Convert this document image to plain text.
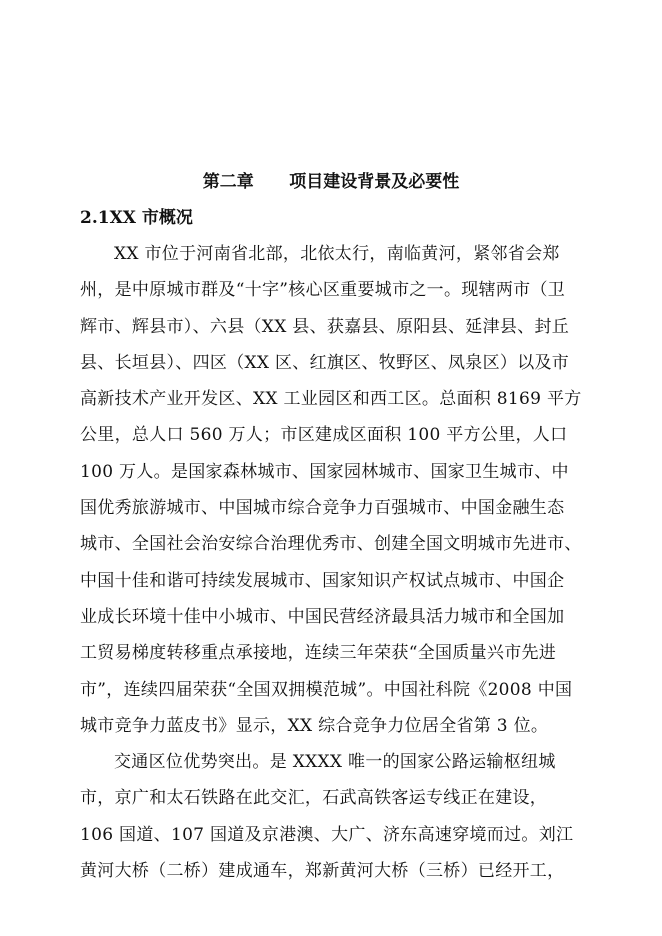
第二章      项目建设背景及必要性
2.1XX 市概况
XX 市位于河南省北部，北依太行，南临黄河，紧邻省会郑
州，是中原城市群及“十字”核心区重要城市之一。现辖两市（卫
辉市、辉县市）、六县（XX 县、获嘉县、原阳县、延津县、封丘
县、长垣县）、四区（XX 区、红旗区、牧野区、凤泉区）以及市
高新技术产业开发区、XX 工业园区和西工区。总面积 8169 平方
公里，总人口 560 万人；市区建成区面积 100 平方公里，人口
100 万人。是国家森林城市、国家园林城市、国家卫生城市、中
国优秀旅游城市、中国城市综合竞争力百强城市、中国金融生态
城市、全国社会治安综合治理优秀市、创建全国文明城市先进市、
中国十佳和谐可持续发展城市、国家知识产权试点城市、中国企
业成长环境十佳中小城市、中国民营经济最具活力城市和全国加
工贸易梯度转移重点承接地，连续三年荣获“全国质量兴市先进
市”，连续四届荣获“全国双拥模范城”。中国社科院《2008 中国
城市竞争力蓝皮书》显示，XX 综合竞争力位居全省第 3 位。
交通区位优势突出。是 XXXX 唯一的国家公路运输枢纽城
市，京广和太石铁路在此交汇，石武高铁客运专线正在建设，
106 国道、107 国道及京港澳、大广、济东高速穿境而过。刘江
黄河大桥（二桥）建成通车，郑新黄河大桥（三桥）已经开工，
